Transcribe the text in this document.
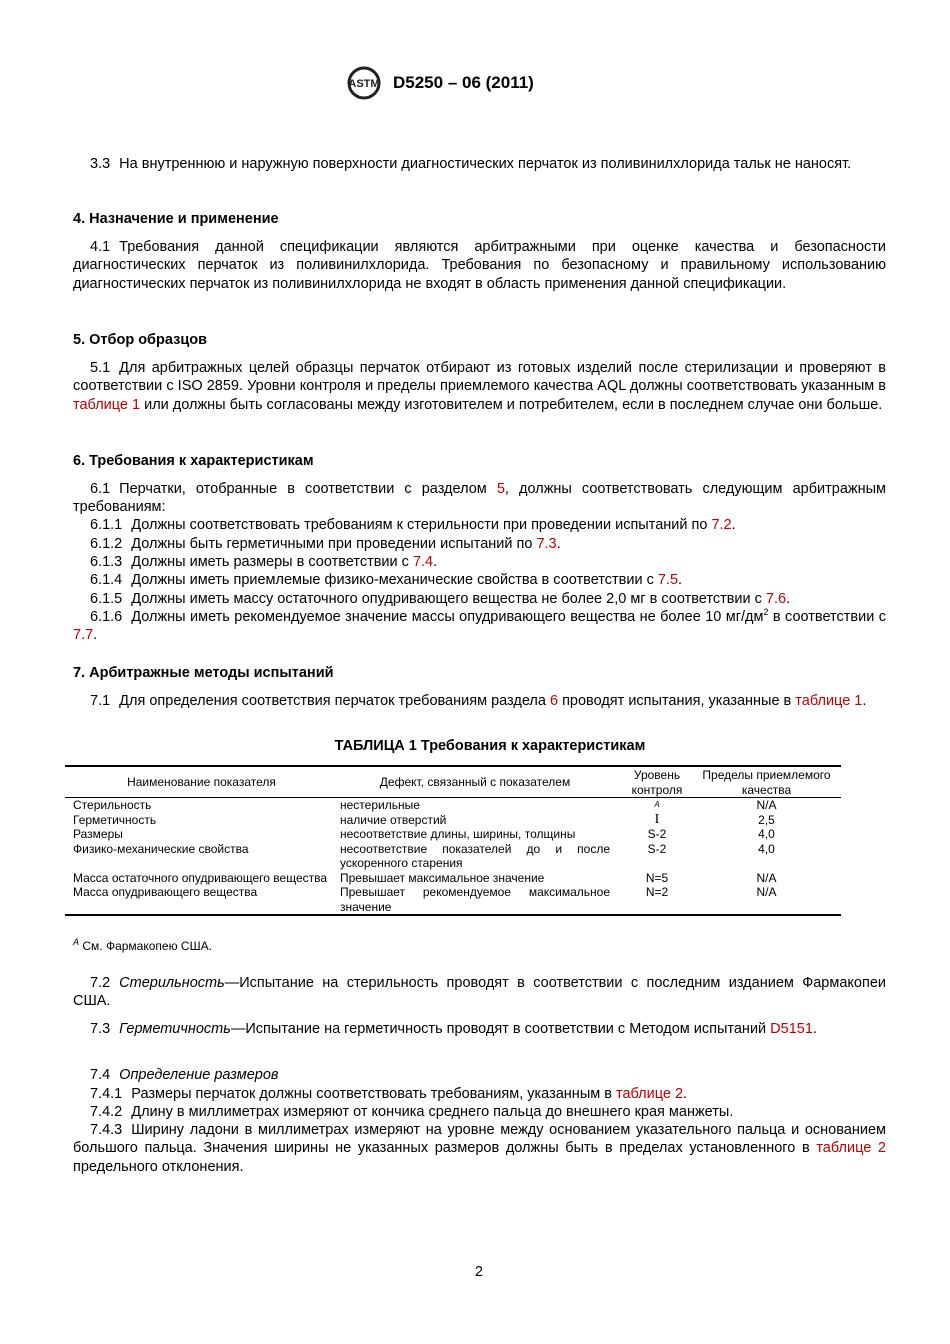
ASTM D5250 – 06 (2011)
3.3 На внутреннюю и наружную поверхности диагностических перчаток из поливинилхлорида тальк не наносят.
4. Назначение и применение
4.1 Требования данной спецификации являются арбитражными при оценке качества и безопасности диагностических перчаток из поливинилхлорида. Требования по безопасному и правильному использованию диагностических перчаток из поливинилхлорида не входят в область применения данной спецификации.
5. Отбор образцов
5.1 Для арбитражных целей образцы перчаток отбирают из готовых изделий после стерилизации и проверяют в соответствии с ISO 2859. Уровни контроля и пределы приемлемого качества AQL должны соответствовать указанным в таблице 1 или должны быть согласованы между изготовителем и потребителем, если в последнем случае они больше.
6. Требования к характеристикам
6.1 Перчатки, отобранные в соответствии с разделом 5, должны соответствовать следующим арбитражным требованиям:
6.1.1 Должны соответствовать требованиям к стерильности при проведении испытаний по 7.2.
6.1.2 Должны быть герметичными при проведении испытаний по 7.3.
6.1.3 Должны иметь размеры в соответствии с 7.4.
6.1.4 Должны иметь приемлемые физико-механические свойства в соответствии с 7.5.
6.1.5 Должны иметь массу остаточного опудривающего вещества не более 2,0 мг в соответствии с 7.6.
6.1.6 Должны иметь рекомендуемое значение массы опудривающего вещества не более 10 $мг/дм^2$ в соответствии с 7.7.
7. Арбитражные методы испытаний
7.1 Для определения соответствия перчаток требованиям раздела 6 проводят испытания, указанные в таблице 1.
ТАБЛИЦА 1 Требования к характеристикам
Наименование показателя	Дефект, связанный с показателем	Уровень контроля	Пределы приемлемого качества
Стерильность	нестерильные	A	N/A
Герметичность	наличие отверстий	I	2,5
Размеры	несоответствие длины, ширины, толщины	S-2	4,0
Физико-механические свойства	несоответствие показателей до и после ускоренного старения	S-2	4,0
Масса остаточного опудривающего вещества	Превышает максимальное значение	N=5	N/A
Масса опудривающего вещества	Превышает рекомендуемое максимальное значение	N=2	N/A
$^A$ См. Фармакопею США.
7.2 Стерильность—Испытание на стерильность проводят в соответствии с последним изданием Фармакопеи США.
7.3 Герметичность—Испытание на герметичность проводят в соответствии с Методом испытаний D5151.
7.4 Определение размеров
7.4.1 Размеры перчаток должны соответствовать требованиям, указанным в таблице 2.
7.4.2 Длину в миллиметрах измеряют от кончика среднего пальца до внешнего края манжеты.
7.4.3 Ширину ладони в миллиметрах измеряют на уровне между основанием указательного пальца и основанием большого пальца. Значения ширины не указанных размеров должны быть в пределах установленного в таблице 2 предельного отклонения.
2
